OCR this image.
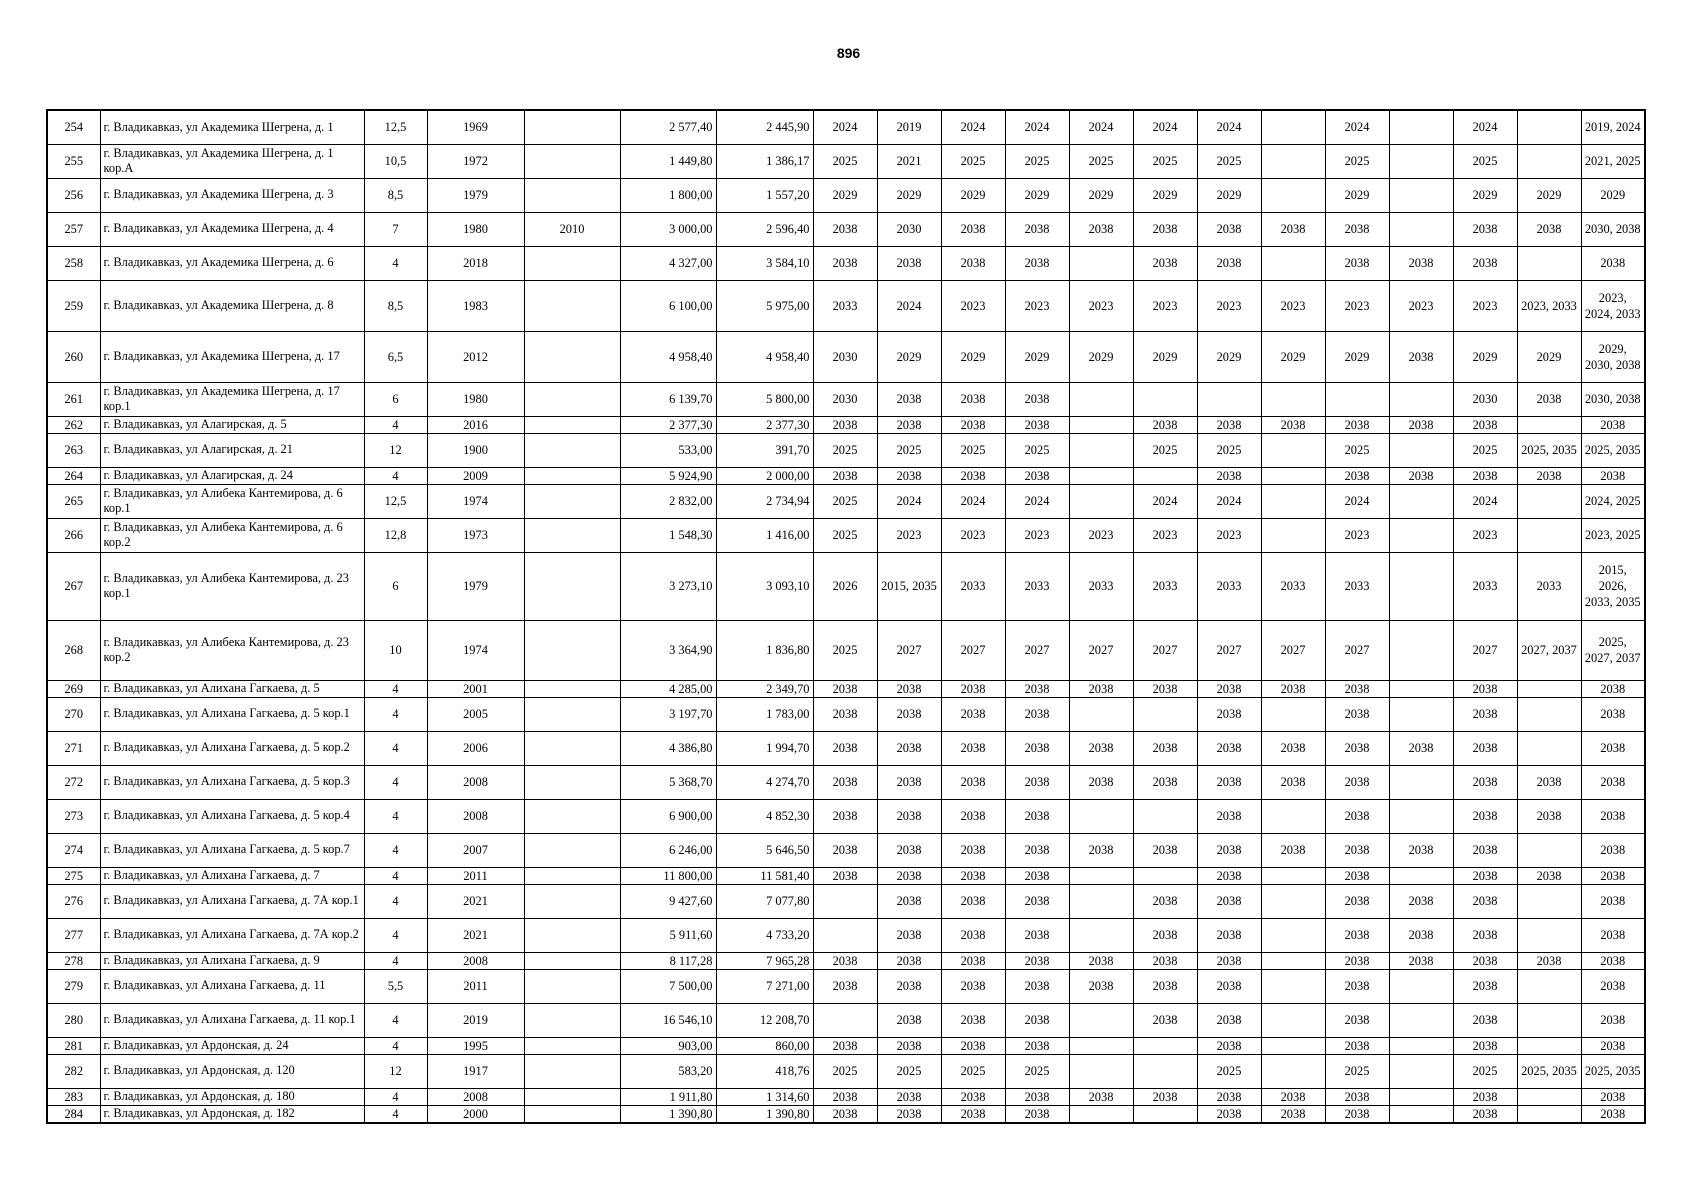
896
254	г. Владикавказ, ул Академика Шегрена, д. 1	12,5	1969		2 577,40	2 445,90	2024	2019	2024	2024	2024	2024	2024		2024		2024		2019, 2024
255	г. Владикавказ, ул Академика Шегрена, д. 1 кор.А	10,5	1972		1 449,80	1 386,17	2025	2021	2025	2025	2025	2025	2025		2025		2025		2021, 2025
256	г. Владикавказ, ул Академика Шегрена, д. 3	8,5	1979		1 800,00	1 557,20	2029	2029	2029	2029	2029	2029	2029		2029		2029	2029	2029
257	г. Владикавказ, ул Академика Шегрена, д. 4	7	1980	2010	3 000,00	2 596,40	2038	2030	2038	2038	2038	2038	2038	2038	2038		2038	2038	2030, 2038
258	г. Владикавказ, ул Академика Шегрена, д. 6	4	2018		4 327,00	3 584,10	2038	2038	2038	2038		2038	2038		2038	2038	2038		2038
259	г. Владикавказ, ул Академика Шегрена, д. 8	8,5	1983		6 100,00	5 975,00	2033	2024	2023	2023	2023	2023	2023	2023	2023	2023	2023	2023, 2033	2023, 2024, 2033
260	г. Владикавказ, ул Академика Шегрена, д. 17	6,5	2012		4 958,40	4 958,40	2030	2029	2029	2029	2029	2029	2029	2029	2029	2038	2029	2029	2029, 2030, 2038
261	г. Владикавказ, ул Академика Шегрена, д. 17 кор.1	6	1980		6 139,70	5 800,00	2030	2038	2038	2038							2030	2038	2030, 2038
262	г. Владикавказ, ул Алагирская, д. 5	4	2016		2 377,30	2 377,30	2038	2038	2038	2038		2038	2038	2038	2038	2038	2038		2038
263	г. Владикавказ, ул Алагирская, д. 21	12	1900		533,00	391,70	2025	2025	2025	2025		2025	2025		2025		2025	2025, 2035	2025, 2035
264	г. Владикавказ, ул Алагирская, д. 24	4	2009		5 924,90	2 000,00	2038	2038	2038	2038			2038		2038	2038	2038	2038	2038
265	г. Владикавказ, ул Алибека Кантемирова, д. 6 кор.1	12,5	1974		2 832,00	2 734,94	2025	2024	2024	2024		2024	2024		2024		2024		2024, 2025
266	г. Владикавказ, ул Алибека Кантемирова, д. 6 кор.2	12,8	1973		1 548,30	1 416,00	2025	2023	2023	2023	2023	2023	2023		2023		2023		2023, 2025
267	г. Владикавказ, ул Алибека Кантемирова, д. 23 кор.1	6	1979		3 273,10	3 093,10	2026	2015, 2035	2033	2033	2033	2033	2033	2033	2033		2033	2033	2015, 2026, 2033, 2035
268	г. Владикавказ, ул Алибека Кантемирова, д. 23 кор.2	10	1974		3 364,90	1 836,80	2025	2027	2027	2027	2027	2027	2027	2027	2027		2027	2027, 2037	2025, 2027, 2037
269	г. Владикавказ, ул Алихана Гагкаева, д. 5	4	2001		4 285,00	2 349,70	2038	2038	2038	2038	2038	2038	2038	2038	2038		2038		2038
270	г. Владикавказ, ул Алихана Гагкаева, д. 5 кор.1	4	2005		3 197,70	1 783,00	2038	2038	2038	2038			2038		2038		2038		2038
271	г. Владикавказ, ул Алихана Гагкаева, д. 5 кор.2	4	2006		4 386,80	1 994,70	2038	2038	2038	2038	2038	2038	2038	2038	2038	2038	2038		2038
272	г. Владикавказ, ул Алихана Гагкаева, д. 5 кор.3	4	2008		5 368,70	4 274,70	2038	2038	2038	2038	2038	2038	2038	2038	2038		2038	2038	2038
273	г. Владикавказ, ул Алихана Гагкаева, д. 5 кор.4	4	2008		6 900,00	4 852,30	2038	2038	2038	2038			2038		2038		2038	2038	2038
274	г. Владикавказ, ул Алихана Гагкаева, д. 5 кор.7	4	2007		6 246,00	5 646,50	2038	2038	2038	2038	2038	2038	2038	2038	2038	2038	2038		2038
275	г. Владикавказ, ул Алихана Гагкаева, д. 7	4	2011		11 800,00	11 581,40	2038	2038	2038	2038			2038		2038		2038	2038	2038
276	г. Владикавказ, ул Алихана Гагкаева, д. 7А кор.1	4	2021		9 427,60	7 077,80		2038	2038	2038		2038	2038		2038	2038	2038		2038
277	г. Владикавказ, ул Алихана Гагкаева, д. 7А кор.2	4	2021		5 911,60	4 733,20		2038	2038	2038		2038	2038		2038	2038	2038		2038
278	г. Владикавказ, ул Алихана Гагкаева, д. 9	4	2008		8 117,28	7 965,28	2038	2038	2038	2038	2038	2038	2038		2038	2038	2038	2038	2038
279	г. Владикавказ, ул Алихана Гагкаева, д. 11	5,5	2011		7 500,00	7 271,00	2038	2038	2038	2038	2038	2038	2038		2038		2038		2038
280	г. Владикавказ, ул Алихана Гагкаева, д. 11 кор.1	4	2019		16 546,10	12 208,70		2038	2038	2038		2038	2038		2038		2038		2038
281	г. Владикавказ, ул Ардонская, д. 24	4	1995		903,00	860,00	2038	2038	2038	2038			2038		2038		2038		2038
282	г. Владикавказ, ул Ардонская, д. 120	12	1917		583,20	418,76	2025	2025	2025	2025			2025		2025		2025	2025, 2035	2025, 2035
283	г. Владикавказ, ул Ардонская, д. 180	4	2008		1 911,80	1 314,60	2038	2038	2038	2038	2038	2038	2038	2038	2038		2038		2038
284	г. Владикавказ, ул Ардонская, д. 182	4	2000		1 390,80	1 390,80	2038	2038	2038	2038			2038	2038	2038		2038		2038
